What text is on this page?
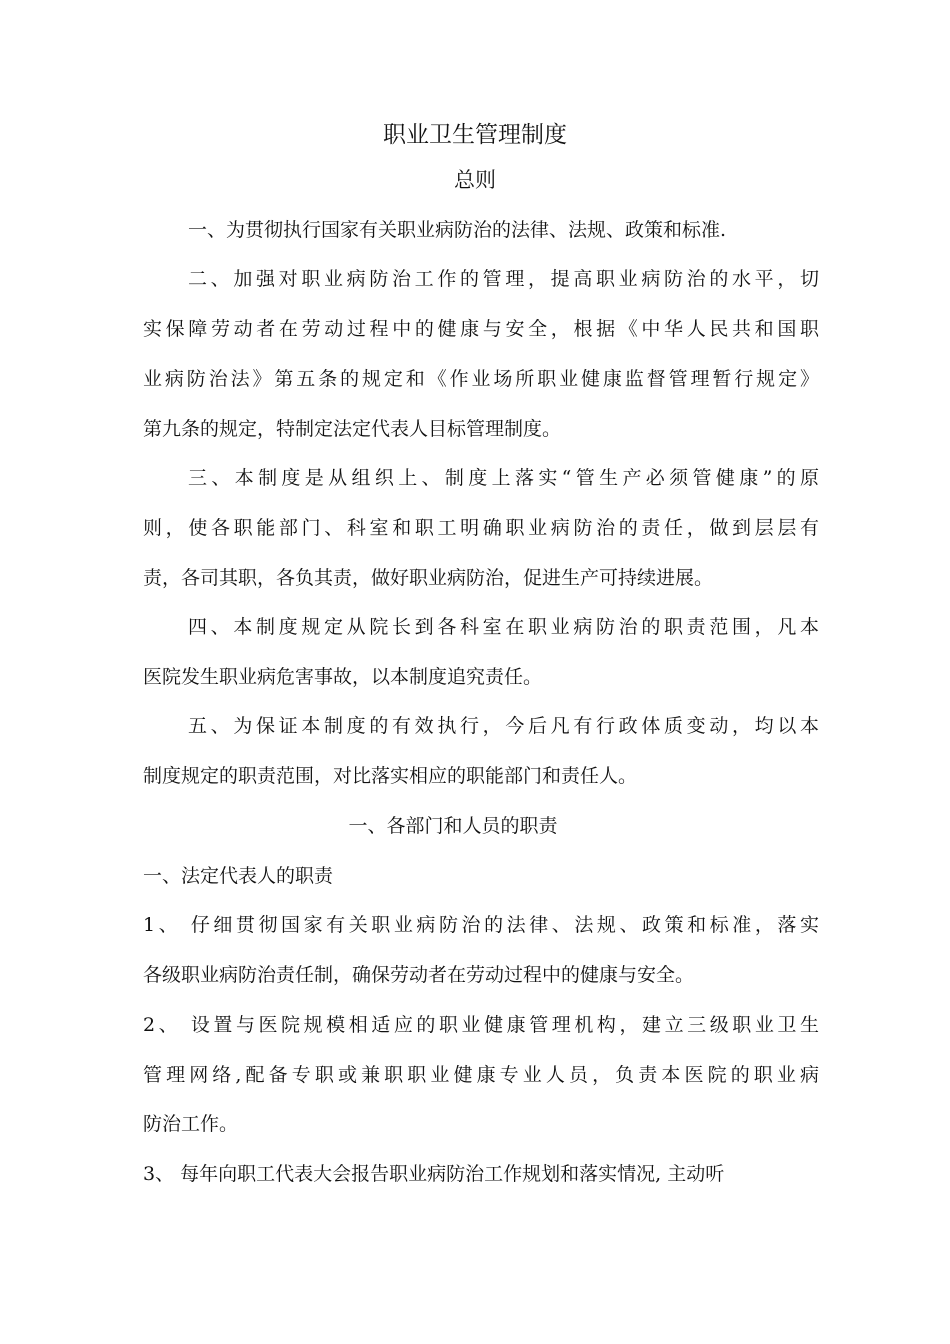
职业卫生管理制度
总则
一、为贯彻执行国家有关职业病防治的法律、法规、政策和标准.
二、加强对职业病防治工作的管理，提高职业病防治的水平，切
实保障劳动者在劳动过程中的健康与安全，根据《中华人民共和国职
业病防治法》第五条的规定和《作业场所职业健康监督管理暂行规定》
第九条的规定，特制定法定代表人目标管理制度。
三、本制度是从组织上、制度上落实“管生产必须管健康”的原
则，使各职能部门、科室和职工明确职业病防治的责任，做到层层有
责，各司其职，各负其责，做好职业病防治，促进生产可持续进展。
四、本制度规定从院长到各科室在职业病防治的职责范围，凡本
医院发生职业病危害事故，以本制度追究责任。
五、为保证本制度的有效执行，今后凡有行政体质变动，均以本
制度规定的职责范围，对比落实相应的职能部门和责任人。
一、各部门和人员的职责
一、法定代表人的职责
1、 仔细贯彻国家有关职业病防治的法律、法规、政策和标准，落实
各级职业病防治责任制，确保劳动者在劳动过程中的健康与安全。
2、 设置与医院规模相适应的职业健康管理机构，建立三级职业卫生
管理网络,配备专职或兼职职业健康专业人员，负责本医院的职业病
防治工作。
3、 每年向职工代表大会报告职业病防治工作规划和落实情况, 主动听
